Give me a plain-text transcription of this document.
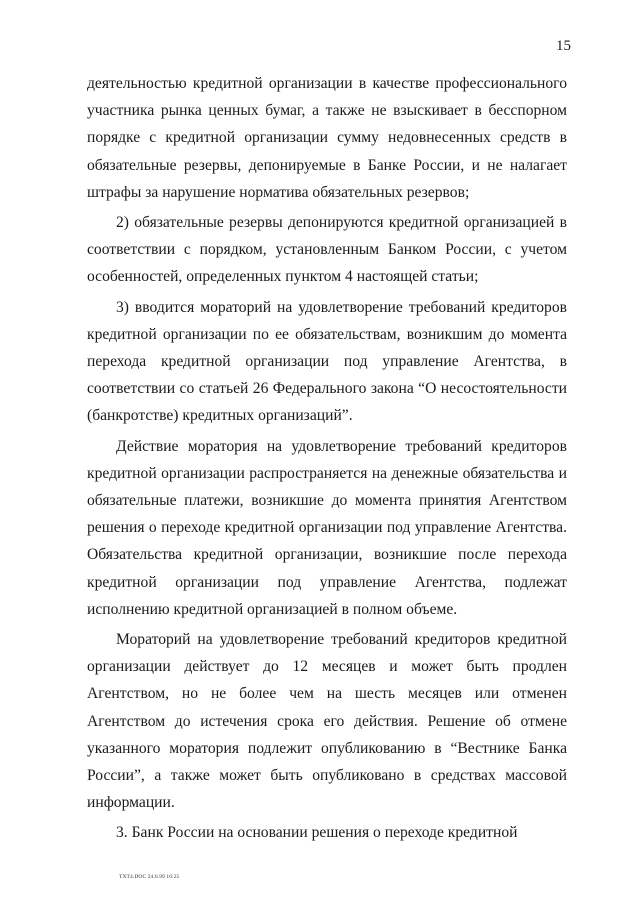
15

деятельностью кредитной организации в качестве профессионального участника рынка ценных бумаг, а также не взыскивает в бесспорном порядке с кредитной организации сумму недовнесенных средств в обязательные резервы, депонируемые в Банке России, и не налагает штрафы за нарушение норматива обязательных резервов;

2) обязательные резервы депонируются кредитной организацией в соответствии с порядком, установленным Банком России, с учетом особенностей, определенных пунктом 4 настоящей статьи;

3) вводится мораторий на удовлетворение требований кредиторов кредитной организации по ее обязательствам, возникшим до момента перехода кредитной организации под управление Агентства, в соответствии со статьей 26 Федерального закона “О несостоятельности (банкротстве) кредитных организаций”.

Действие моратория на удовлетворение требований кредиторов кредитной организации распространяется на денежные обязательства и обязательные платежи, возникшие до момента принятия Агентством решения о переходе кредитной организации под управление Агентства. Обязательства кредитной организации, возникшие после перехода кредитной организации под управление Агентства, подлежат исполнению кредитной организацией в полном объеме.

Мораторий на удовлетворение требований кредиторов кредитной организации действует до 12 месяцев и может быть продлен Агентством, но не более чем на шесть месяцев или отменен Агентством до истечения срока его действия. Решение об отмене указанного моратория подлежит опубликованию в “Вестнике Банка России”, а также может быть опубликовано в средствах массовой информации.

3. Банк России на основании решения о переходе кредитной

TXT4.DOC 24.6.99 16:25
